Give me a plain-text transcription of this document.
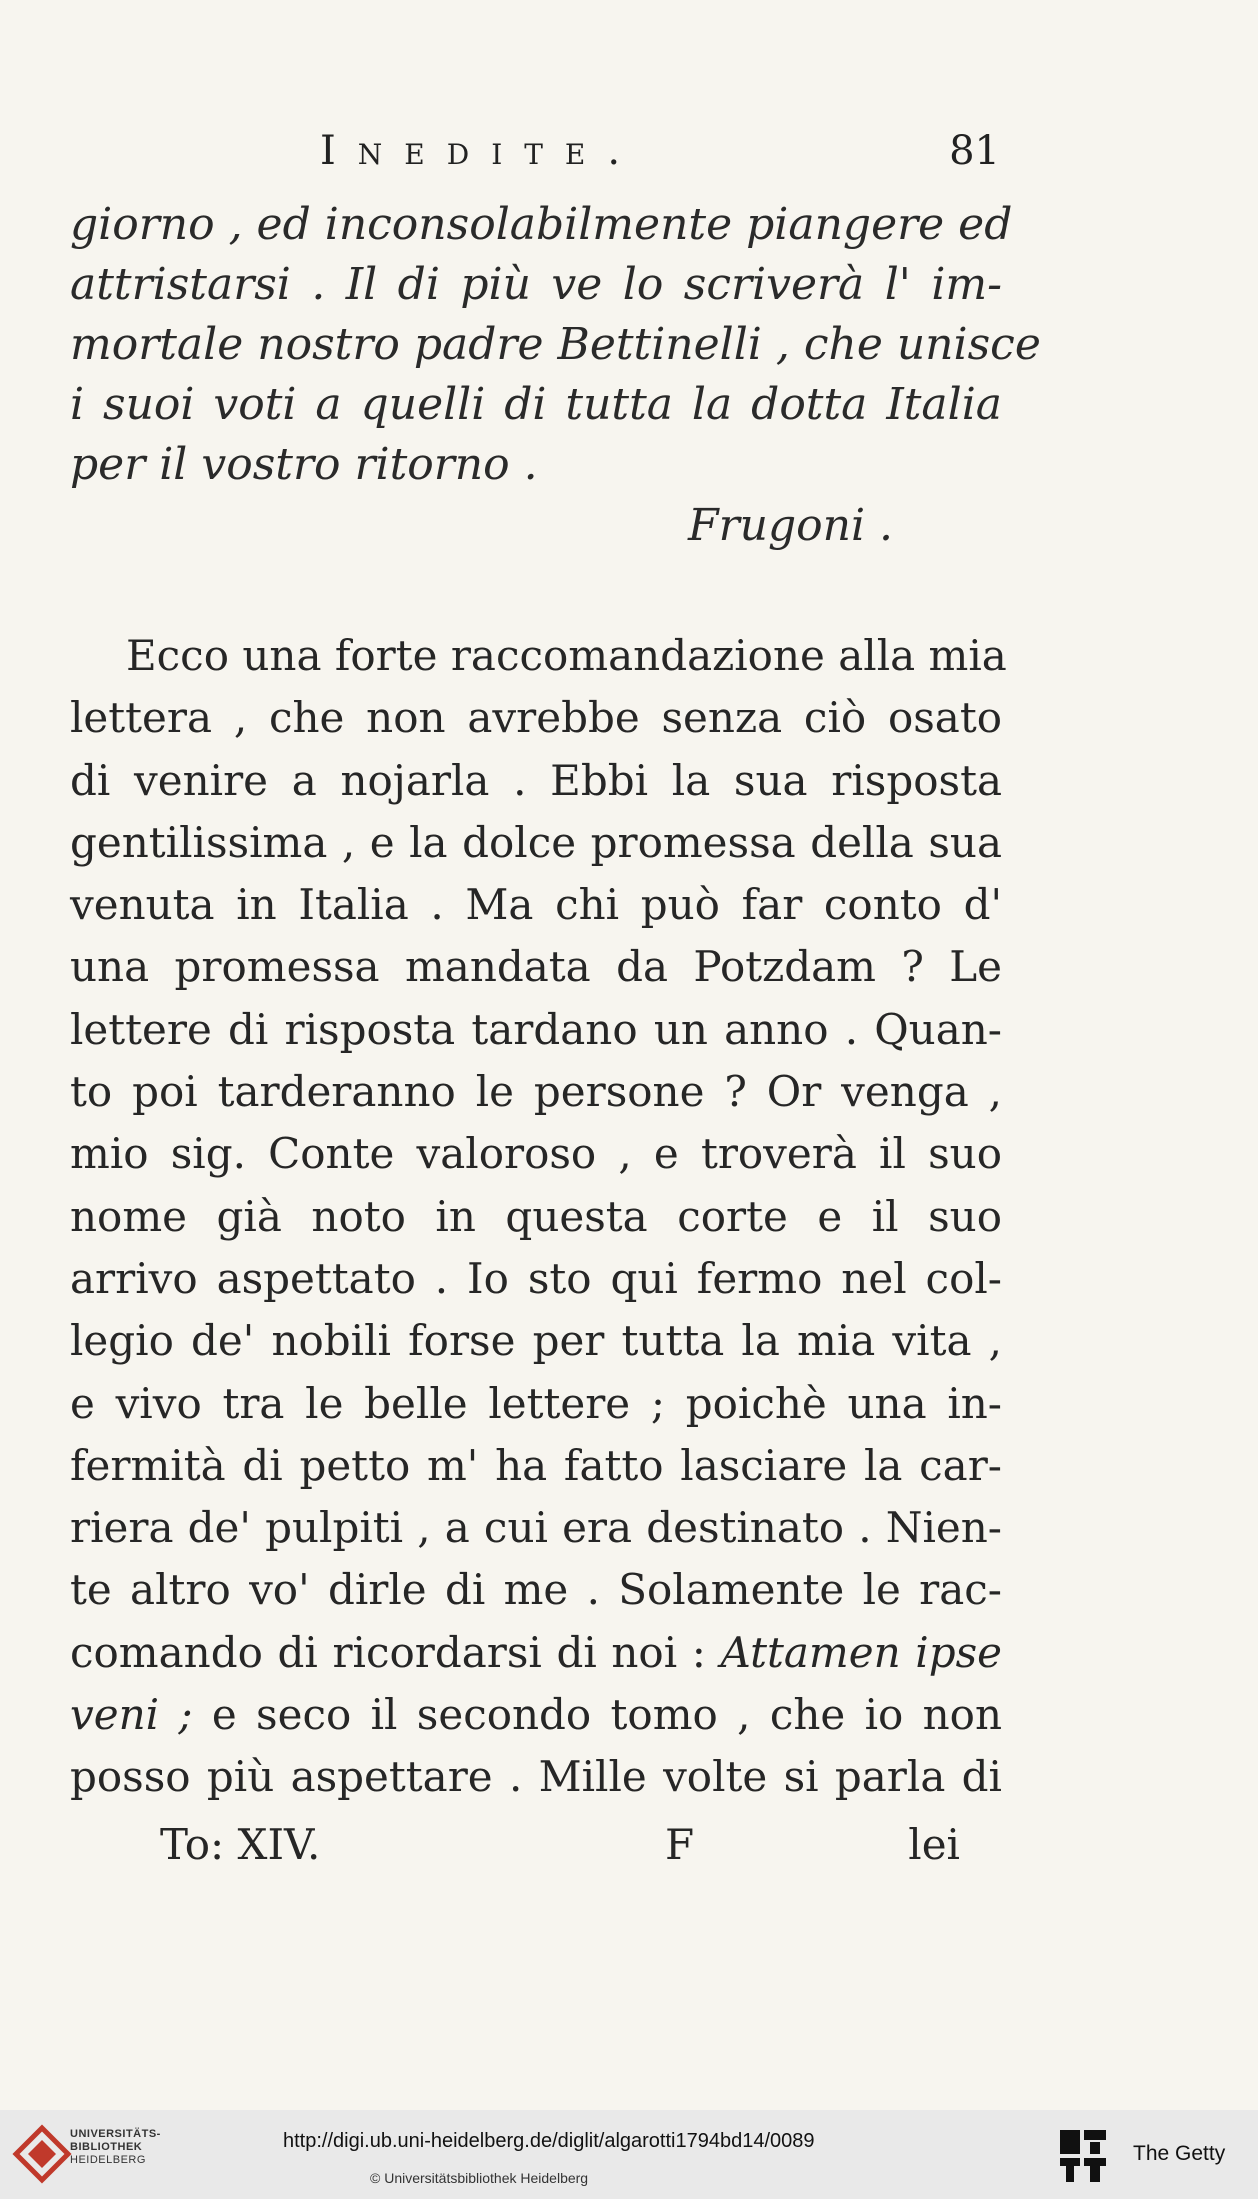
Inedite.	81
giorno , ed inconsolabilmente piangere ed
attristarsi . Il di più ve lo scriverà l' im-
mortale nostro padre Bettinelli , che unisce
i suoi voti a quelli di tutta la dotta Italia
per il vostro ritorno .
Frugoni .
Ecco una forte raccomandazione alla mia
lettera , che non avrebbe senza ciò osato
di venire a nojarla . Ebbi la sua risposta
gentilissima , e la dolce promessa della sua
venuta in Italia . Ma chi può far conto d'
una promessa mandata da Potzdam ? Le
lettere di risposta tardano un anno . Quan-
to poi tarderanno le persone ? Or venga ,
mio sig. Conte valoroso , e troverà il suo
nome già noto in questa corte e il suo
arrivo aspettato . Io sto qui fermo nel col-
legio de' nobili forse per tutta la mia vita ,
e vivo tra le belle lettere ; poichè una in-
fermità di petto m' ha fatto lasciare la car-
riera de' pulpiti , a cui era destinato . Nien-
te altro vo' dirle di me . Solamente le rac-
comando di ricordarsi di noi : Attamen ipse
veni ; e seco il secondo tomo , che io non
posso più aspettare . Mille volte si parla di
To: XIV.	F	lei
UNIVERSITÄTS-
BIBLIOTHEK
HEIDELBERG
http://digi.ub.uni-heidelberg.de/diglit/algarotti1794bd14/0089
© Universitätsbibliothek Heidelberg
The Getty
